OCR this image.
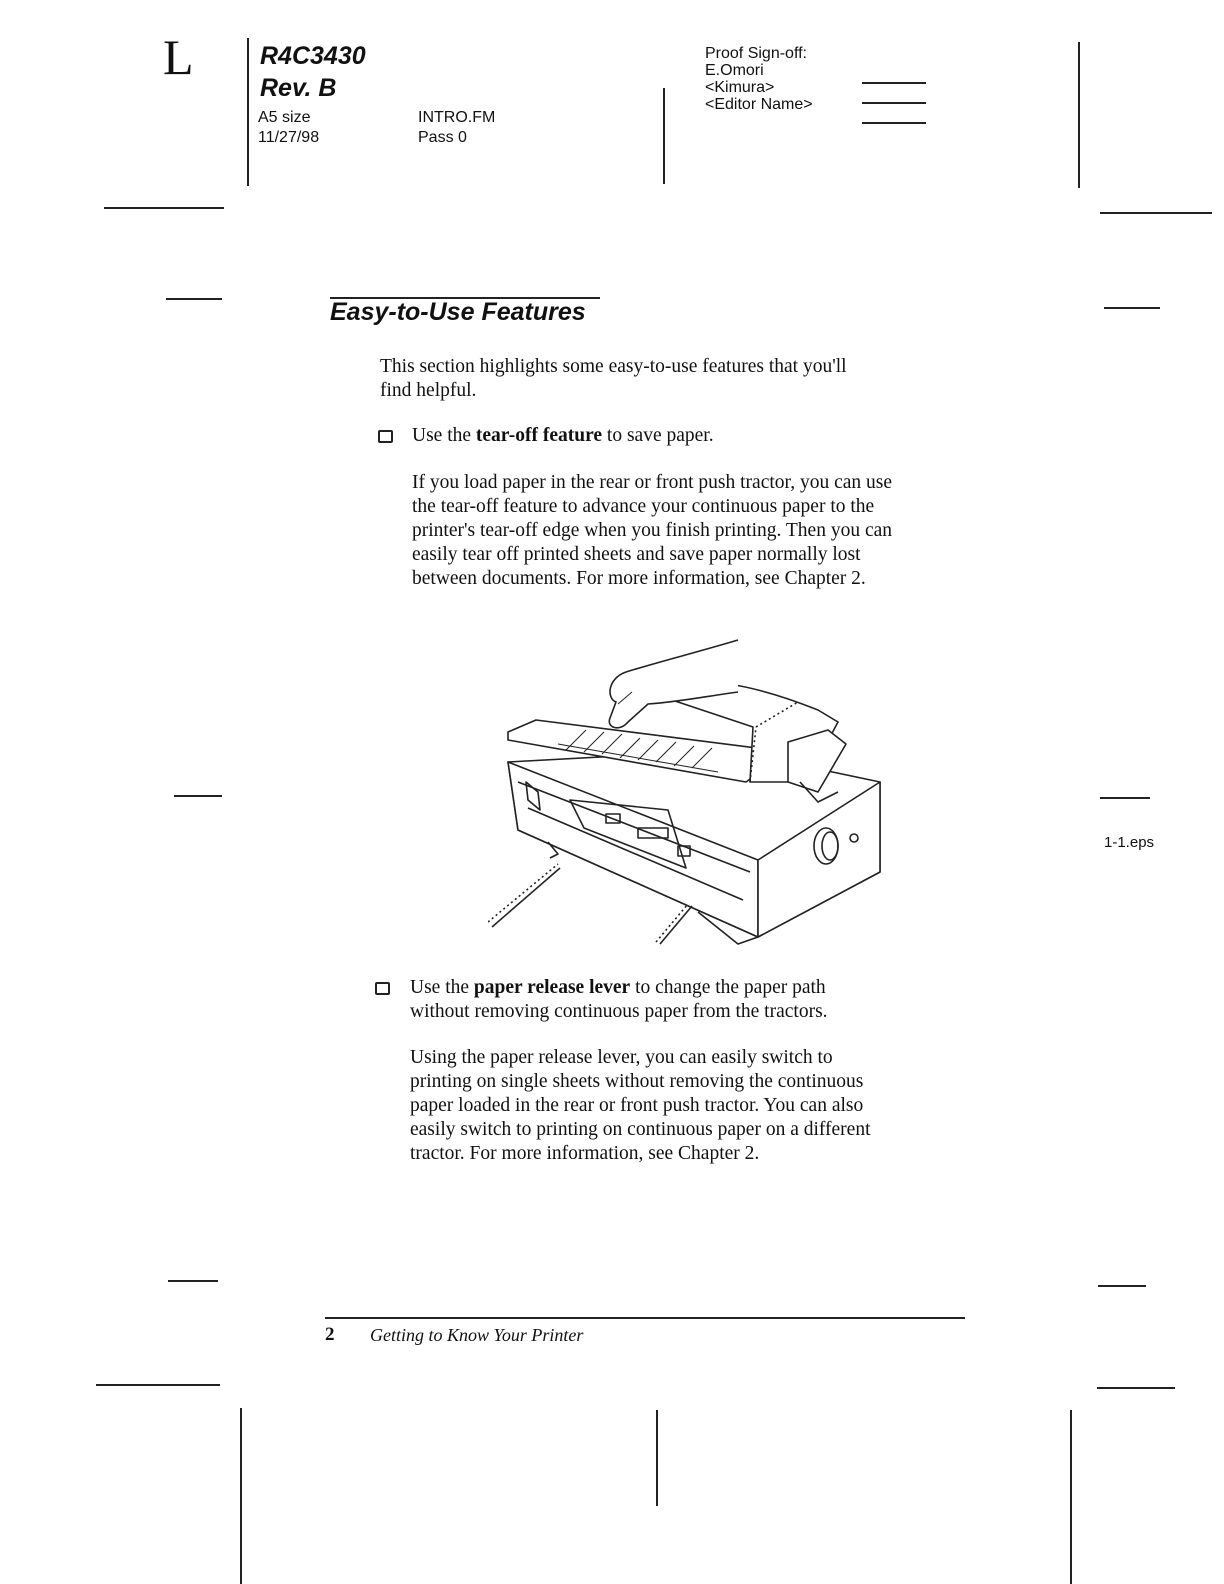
L	R4C3430
Rev. B
A5 size
11/27/98
INTRO.FM
Pass 0
Proof Sign-off:
E.Omori
<Kimura>
<Editor Name>
Easy-to-Use Features
This section highlights some easy-to-use features that you'll
find helpful.
Use the tear-off feature to save paper.
If you load paper in the rear or front push tractor, you can use
the tear-off feature to advance your continuous paper to the
printer's tear-off edge when you finish printing. Then you can
easily tear off printed sheets and save paper normally lost
between documents. For more information, see Chapter 2.
1-1.eps
Use the paper release lever to change the paper path
without removing continuous paper from the tractors.
Using the paper release lever, you can easily switch to
printing on single sheets without removing the continuous
paper loaded in the rear or front push tractor. You can also
easily switch to printing on continuous paper on a different
tractor. For more information, see Chapter 2.
2 Getting to Know Your Printer
